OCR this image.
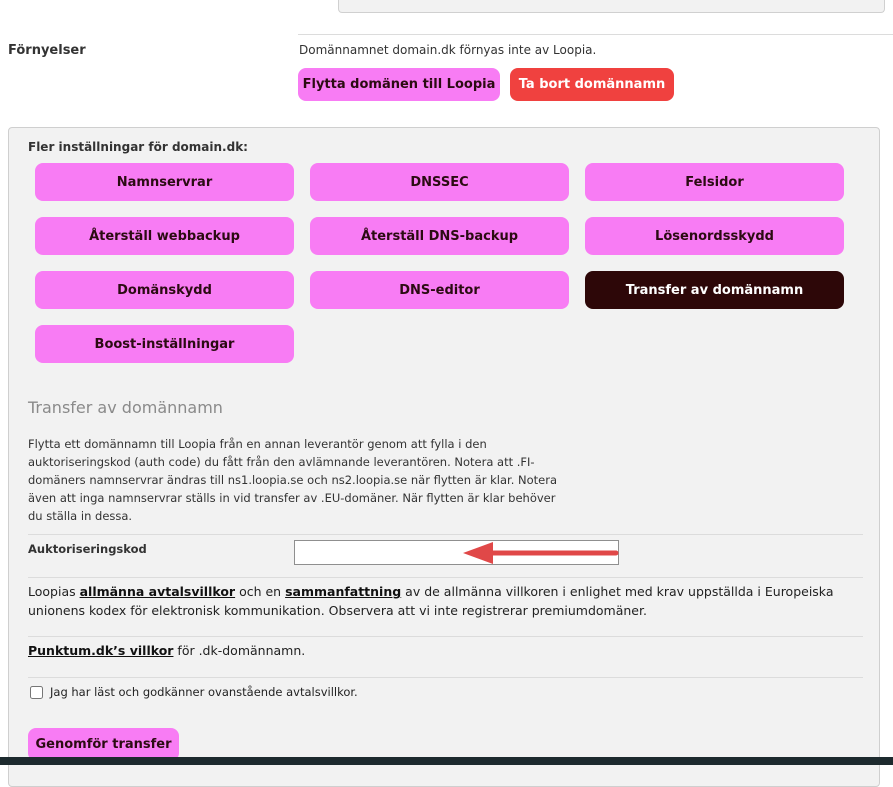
Förnyelser	Domännamnet domain.dk förnyas inte av Loopia.
Flytta domänen till Loopia	Ta bort domännamn
Fler inställningar för domain.dk:
Namnservrar	DNSSEC	Felsidor
Återställ webbackup	Återställ DNS-backup	Lösenordsskydd
Domänskydd	DNS-editor	Transfer av domännamn
Boost-inställningar
Transfer av domännamn
Flytta ett domännamn till Loopia från en annan leverantör genom att fylla i den auktoriseringskod (auth code) du fått från den avlämnande leverantören. Notera att .FI-domäners namnservrar ändras till ns1.loopia.se och ns2.loopia.se när flytten är klar. Notera även att inga namnservrar ställs in vid transfer av .EU-domäner. När flytten är klar behöver du ställa in dessa.
Auktoriseringskod
Loopias allmänna avtalsvillkor och en sammanfattning av de allmänna villkoren i enlighet med krav uppställda i Europeiska unionens kodex för elektronisk kommunikation. Observera att vi inte registrerar premiumdomäner.
Punktum.dk’s villkor för .dk-domännamn.
Jag har läst och godkänner ovanstående avtalsvillkor.
Genomför transfer
